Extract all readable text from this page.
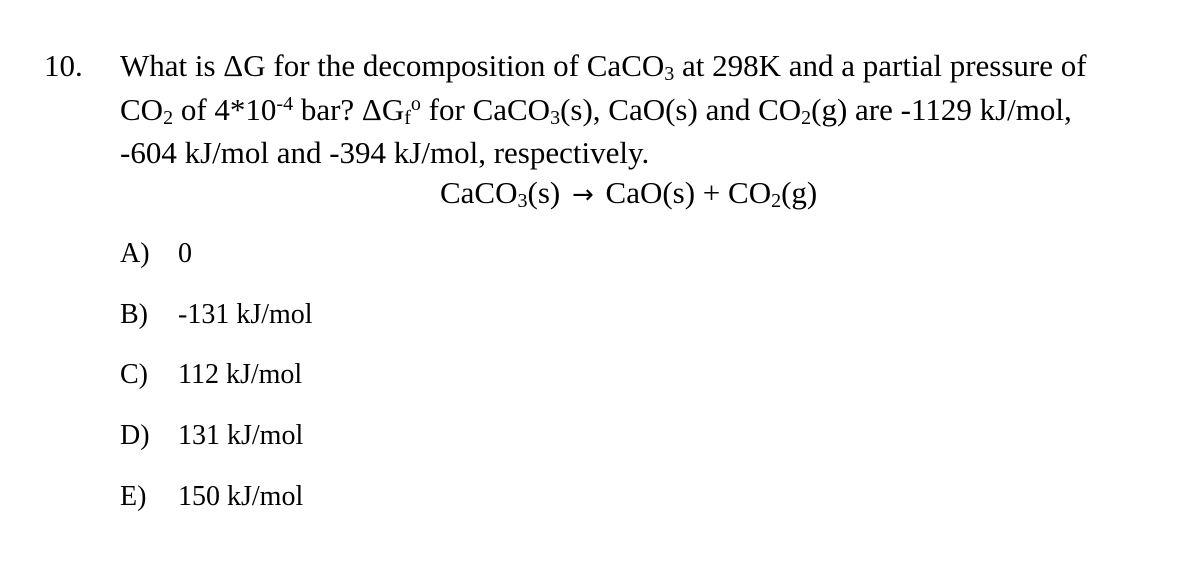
10. What is ΔG for the decomposition of CaCO$_3$ at 298K and a partial pressure of
$CO_2$ of $4*10^{-4}$ bar? $\Delta G_f^o$ for CaCO$_3$(s), CaO(s) and $CO_2(g)$ are -1129 kJ/mol,
-604 kJ/mol and -394 kJ/mol, respectively.
CaCO$_3$(s) → $CaO(s) + CO_2(g)$
A) 0
B) -131 kJ/mol
C) 112 kJ/mol
D) 131 kJ/mol
E) 150 kJ/mol
